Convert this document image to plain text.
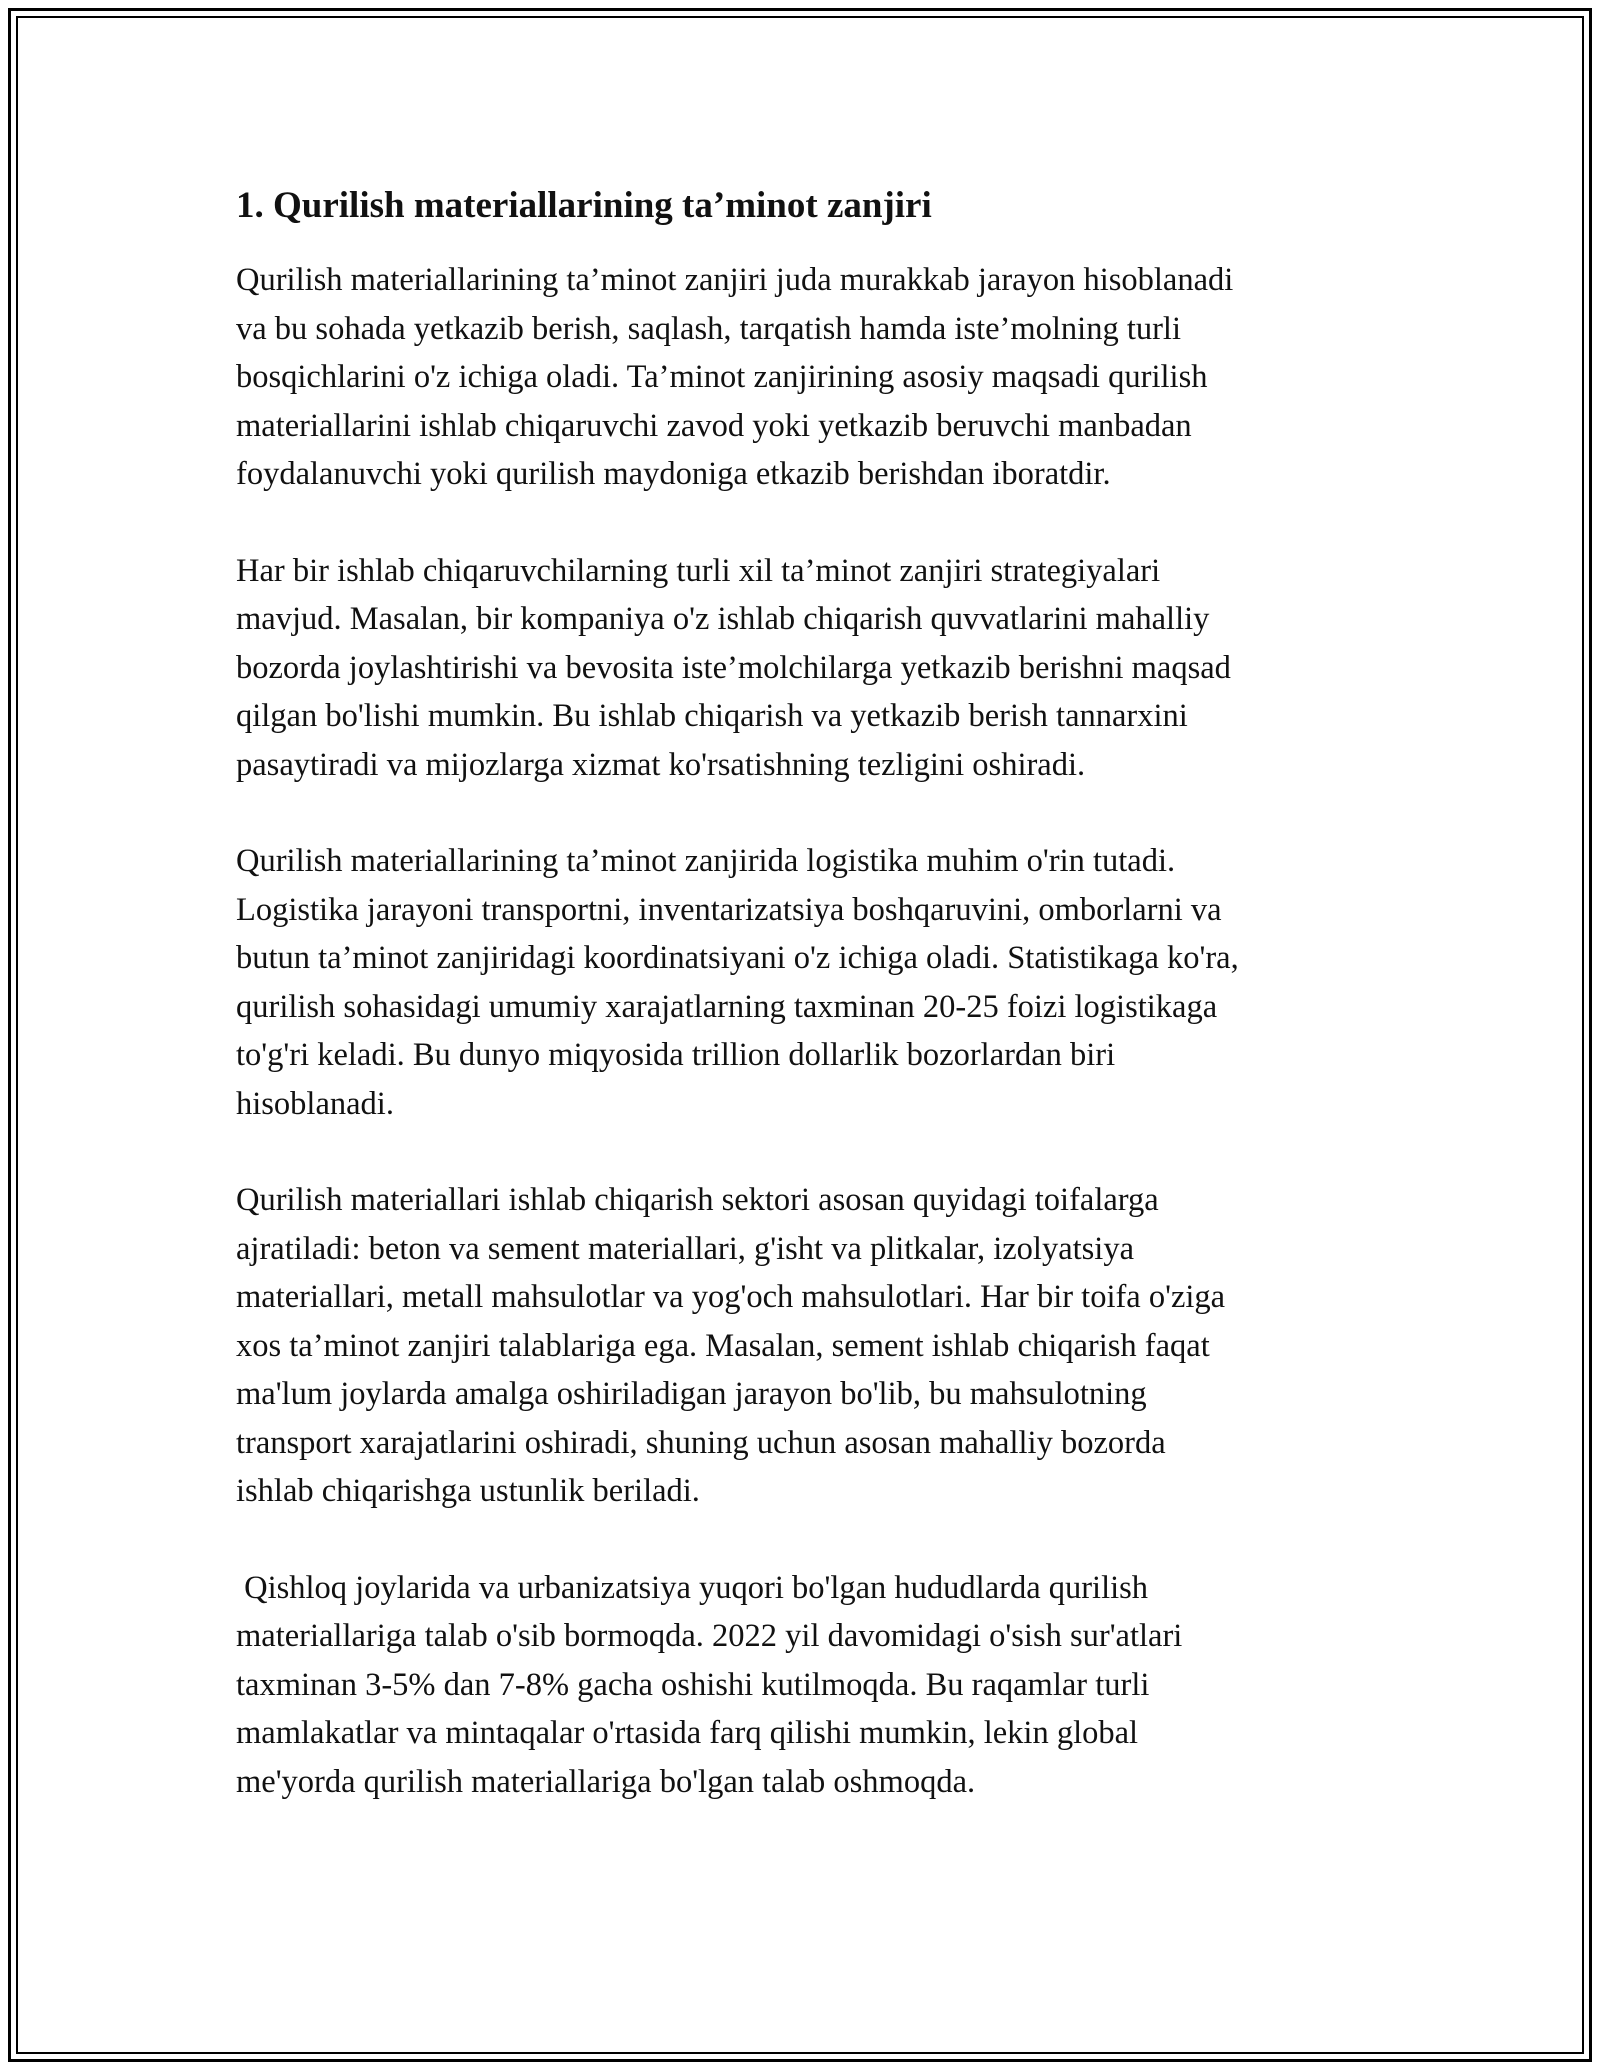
1. Qurilish materiallarining ta’minot zanjiri

Qurilish materiallarining ta’minot zanjiri juda murakkab jarayon hisoblanadi
va bu sohada yetkazib berish, saqlash, tarqatish hamda iste’molning turli
bosqichlarini o'z ichiga oladi. Ta’minot zanjirining asosiy maqsadi qurilish
materiallarini ishlab chiqaruvchi zavod yoki yetkazib beruvchi manbadan
foydalanuvchi yoki qurilish maydoniga etkazib berishdan iboratdir.

Har bir ishlab chiqaruvchilarning turli xil ta’minot zanjiri strategiyalari
mavjud. Masalan, bir kompaniya o'z ishlab chiqarish quvvatlarini mahalliy
bozorda joylashtirishi va bevosita iste’molchilarga yetkazib berishni maqsad
qilgan bo'lishi mumkin. Bu ishlab chiqarish va yetkazib berish tannarxini
pasaytiradi va mijozlarga xizmat ko'rsatishning tezligini oshiradi.

Qurilish materiallarining ta’minot zanjirida logistika muhim o'rin tutadi.
Logistika jarayoni transportni, inventarizatsiya boshqaruvini, omborlarni va
butun ta’minot zanjiridagi koordinatsiyani o'z ichiga oladi. Statistikaga ko'ra,
qurilish sohasidagi umumiy xarajatlarning taxminan 20-25 foizi logistikaga
to'g'ri keladi. Bu dunyo miqyosida trillion dollarlik bozorlardan biri
hisoblanadi.

Qurilish materiallari ishlab chiqarish sektori asosan quyidagi toifalarga
ajratiladi: beton va sement materiallari, g'isht va plitkalar, izolyatsiya
materiallari, metall mahsulotlar va yog'och mahsulotlari. Har bir toifa o'ziga
xos ta’minot zanjiri talablariga ega. Masalan, sement ishlab chiqarish faqat
ma'lum joylarda amalga oshiriladigan jarayon bo'lib, bu mahsulotning
transport xarajatlarini oshiradi, shuning uchun asosan mahalliy bozorda
ishlab chiqarishga ustunlik beriladi.

Qishloq joylarida va urbanizatsiya yuqori bo'lgan hududlarda qurilish
materiallariga talab o'sib bormoqda. 2022 yil davomidagi o'sish sur'atlari
taxminan 3-5% dan 7-8% gacha oshishi kutilmoqda. Bu raqamlar turli
mamlakatlar va mintaqalar o'rtasida farq qilishi mumkin, lekin global
me'yorda qurilish materiallariga bo'lgan talab oshmoqda.
